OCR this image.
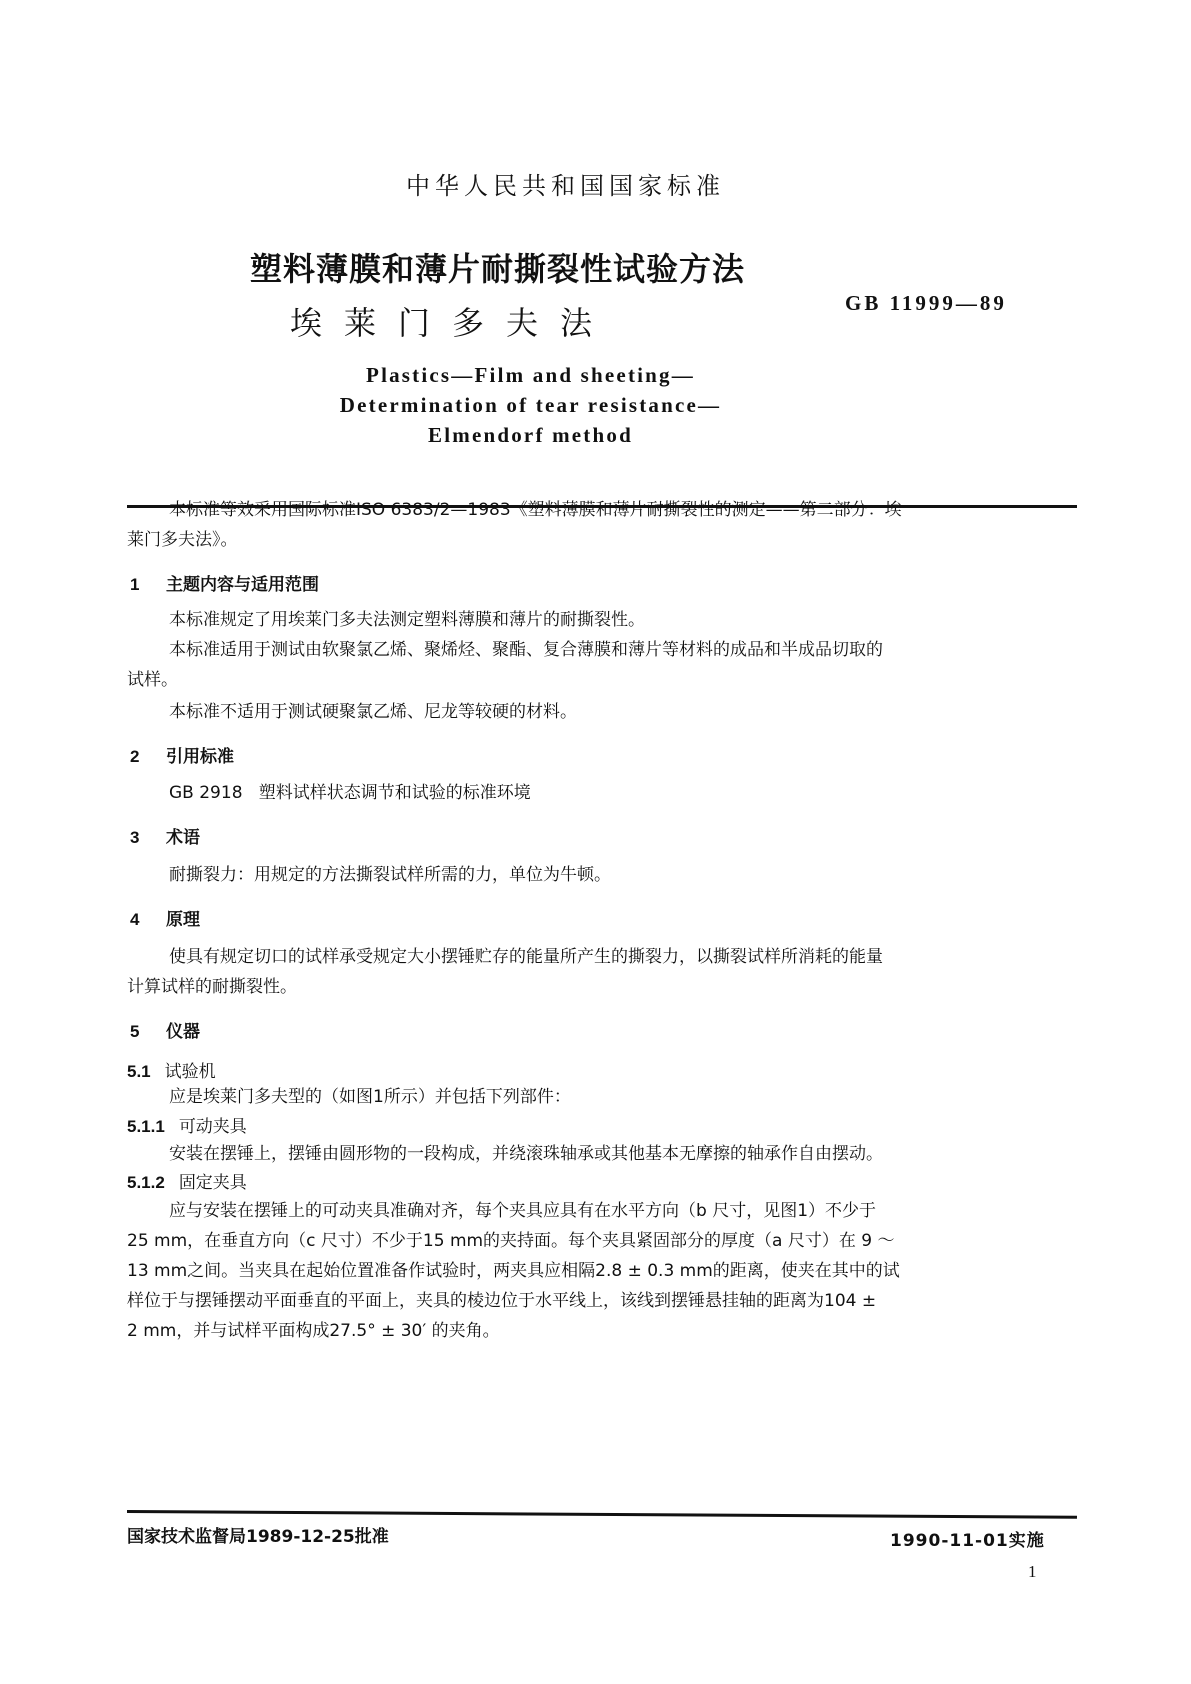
中华人民共和国国家标准
塑料薄膜和薄片耐撕裂性试验方法
埃莱门多夫法
GB 11999—89
Plastics—Film and sheeting—
Determination of tear resistance—
Elmendorf method
本标准等效采用国际标准ISO 6383/2—1983《塑料薄膜和薄片耐撕裂性的测定——第二部分：埃
莱门多夫法》。
1 主题内容与适用范围
本标准规定了用埃莱门多夫法测定塑料薄膜和薄片的耐撕裂性。
本标准适用于测试由软聚氯乙烯、聚烯烃、聚酯、复合薄膜和薄片等材料的成品和半成品切取的
试样。
本标准不适用于测试硬聚氯乙烯、尼龙等较硬的材料。
2 引用标准
GB 2918   塑料试样状态调节和试验的标准环境
3 术语
耐撕裂力：用规定的方法撕裂试样所需的力，单位为牛顿。
4 原理
使具有规定切口的试样承受规定大小摆锤贮存的能量所产生的撕裂力，以撕裂试样所消耗的能量
计算试样的耐撕裂性。
5 仪器
5.1 试验机
应是埃莱门多夫型的（如图1所示）并包括下列部件：
5.1.1 可动夹具
安装在摆锤上，摆锤由圆形物的一段构成，并绕滚珠轴承或其他基本无摩擦的轴承作自由摆动。
5.1.2 固定夹具
应与安装在摆锤上的可动夹具准确对齐，每个夹具应具有在水平方向（b 尺寸，见图1）不少于
25 mm，在垂直方向（c 尺寸）不少于15 mm的夹持面。每个夹具紧固部分的厚度（a 尺寸）在 9 ～
13 mm之间。当夹具在起始位置准备作试验时，两夹具应相隔2.8 ± 0.3 mm的距离，使夹在其中的试
样位于与摆锤摆动平面垂直的平面上，夹具的棱边位于水平线上，该线到摆锤悬挂轴的距离为104 ±
2 mm，并与试样平面构成27.5° ± 30′ 的夹角。
国家技术监督局1989-12-25批准	1990-11-01实施
1
